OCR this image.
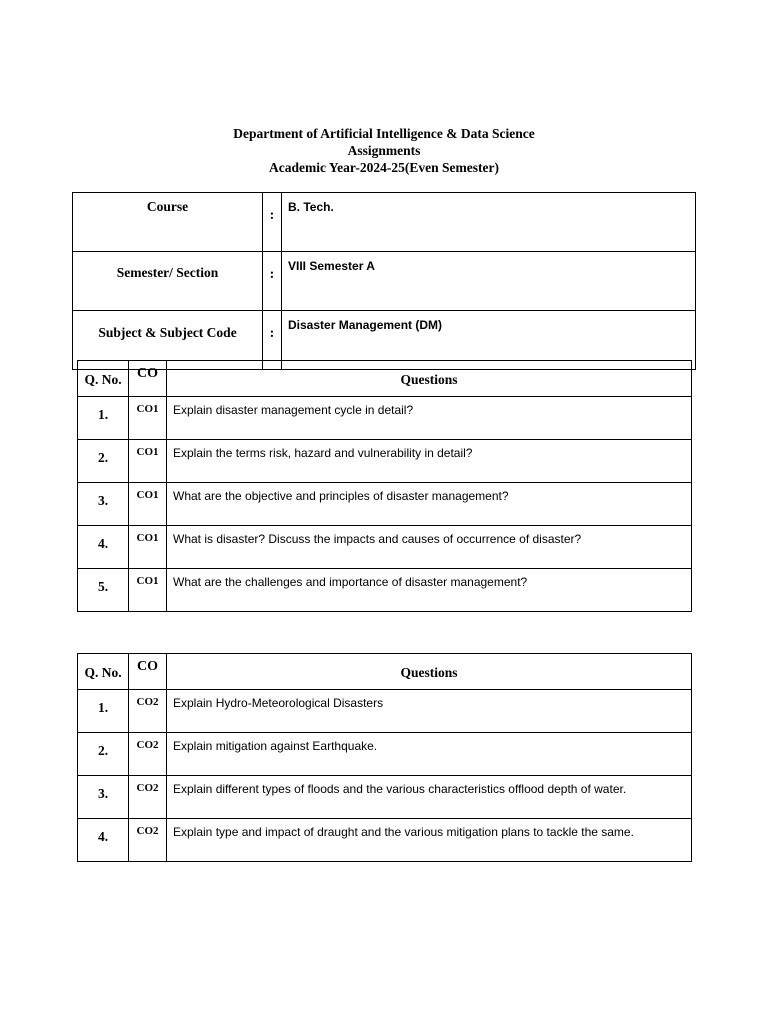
Department of Artificial Intelligence & Data Science
Assignments
Academic Year-2024-25(Even Semester)
Course	:	B. Tech.
Semester/ Section	:	VIII Semester A
Subject & Subject Code	:	Disaster Management (DM)
Q. No.	CO	Questions
1.	CO1	Explain disaster management cycle in detail?
2.	CO1	Explain the terms risk, hazard and vulnerability in detail?
3.	CO1	What are the objective and principles of disaster management?
4.	CO1	What is disaster? Discuss the impacts and causes of occurrence of disaster?
5.	CO1	What are the challenges and importance of disaster management?
Q. No.	CO	Questions
1.	CO2	Explain Hydro-Meteorological Disasters
2.	CO2	Explain mitigation against Earthquake.
3.	CO2	Explain different types of floods and the various characteristics offlood depth of water.
4.	CO2	Explain type and impact of draught and the various mitigation plans to tackle the same.
